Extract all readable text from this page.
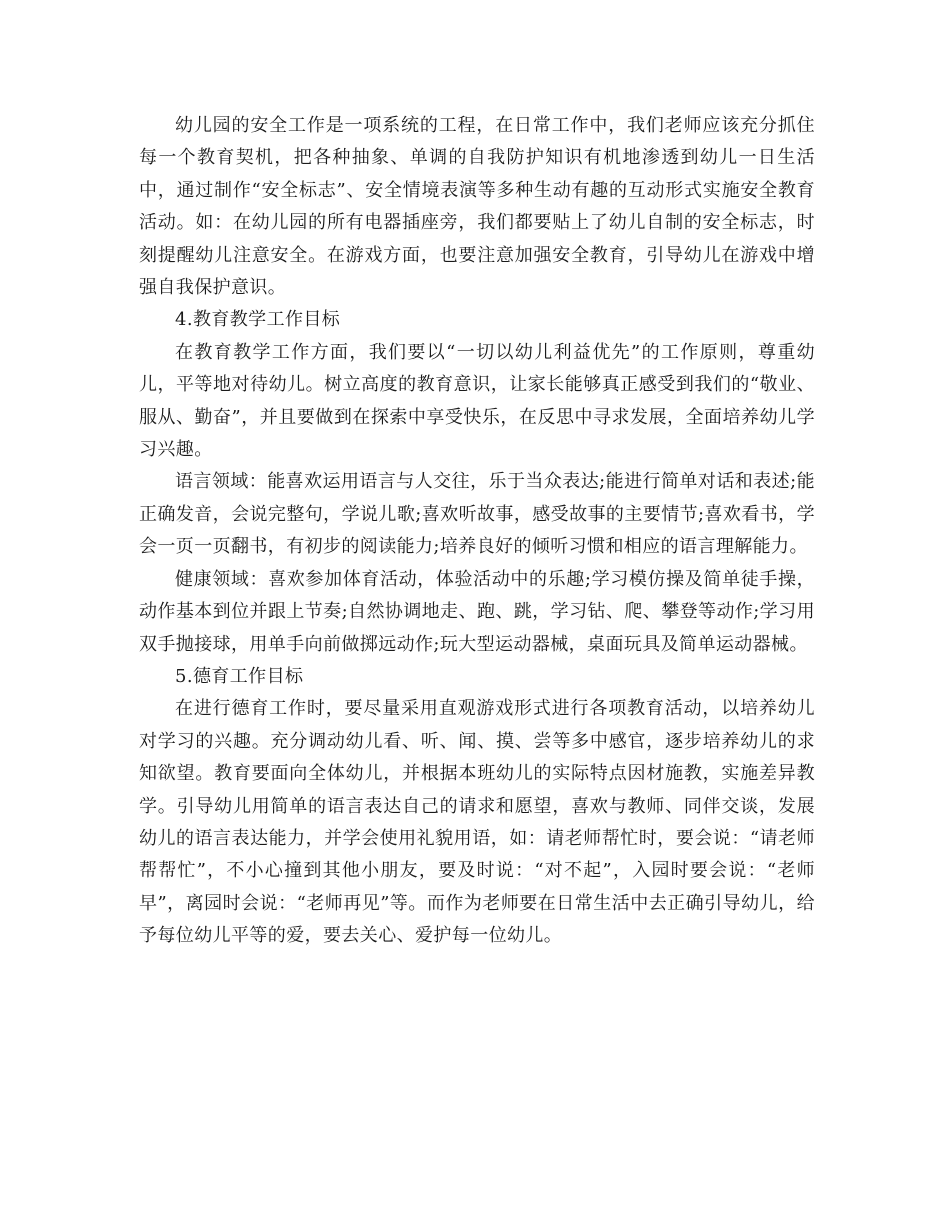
幼儿园的安全工作是一项系统的工程，在日常工作中，我们老师应该充分抓住每一个教育契机，把各种抽象、单调的自我防护知识有机地渗透到幼儿一日生活中，通过制作“安全标志”、安全情境表演等多种生动有趣的互动形式实施安全教育活动。如：在幼儿园的所有电器插座旁，我们都要贴上了幼儿自制的安全标志，时刻提醒幼儿注意安全。在游戏方面，也要注意加强安全教育，引导幼儿在游戏中增强自我保护意识。

4.教育教学工作目标

在教育教学工作方面，我们要以“一切以幼儿利益优先”的工作原则，尊重幼儿，平等地对待幼儿。树立高度的教育意识，让家长能够真正感受到我们的“敬业、服从、勤奋”，并且要做到在探索中享受快乐，在反思中寻求发展，全面培养幼儿学习兴趣。

语言领域：能喜欢运用语言与人交往，乐于当众表达;能进行简单对话和表述;能正确发音，会说完整句，学说儿歌;喜欢听故事，感受故事的主要情节;喜欢看书，学会一页一页翻书，有初步的阅读能力;培养良好的倾听习惯和相应的语言理解能力。

健康领域：喜欢参加体育活动，体验活动中的乐趣;学习模仿操及简单徒手操，动作基本到位并跟上节奏;自然协调地走、跑、跳，学习钻、爬、攀登等动作;学习用双手抛接球，用单手向前做掷远动作;玩大型运动器械，桌面玩具及简单运动器械。

5.德育工作目标

在进行德育工作时，要尽量采用直观游戏形式进行各项教育活动，以培养幼儿对学习的兴趣。充分调动幼儿看、听、闻、摸、尝等多中感官，逐步培养幼儿的求知欲望。教育要面向全体幼儿，并根据本班幼儿的实际特点因材施教，实施差异教学。引导幼儿用简单的语言表达自己的请求和愿望，喜欢与教师、同伴交谈，发展幼儿的语言表达能力，并学会使用礼貌用语，如：请老师帮忙时，要会说：“请老师帮帮忙”，不小心撞到其他小朋友，要及时说：“对不起”，入园时要会说：“老师早”，离园时会说：“老师再见”等。而作为老师要在日常生活中去正确引导幼儿，给予每位幼儿平等的爱，要去关心、爱护每一位幼儿。
